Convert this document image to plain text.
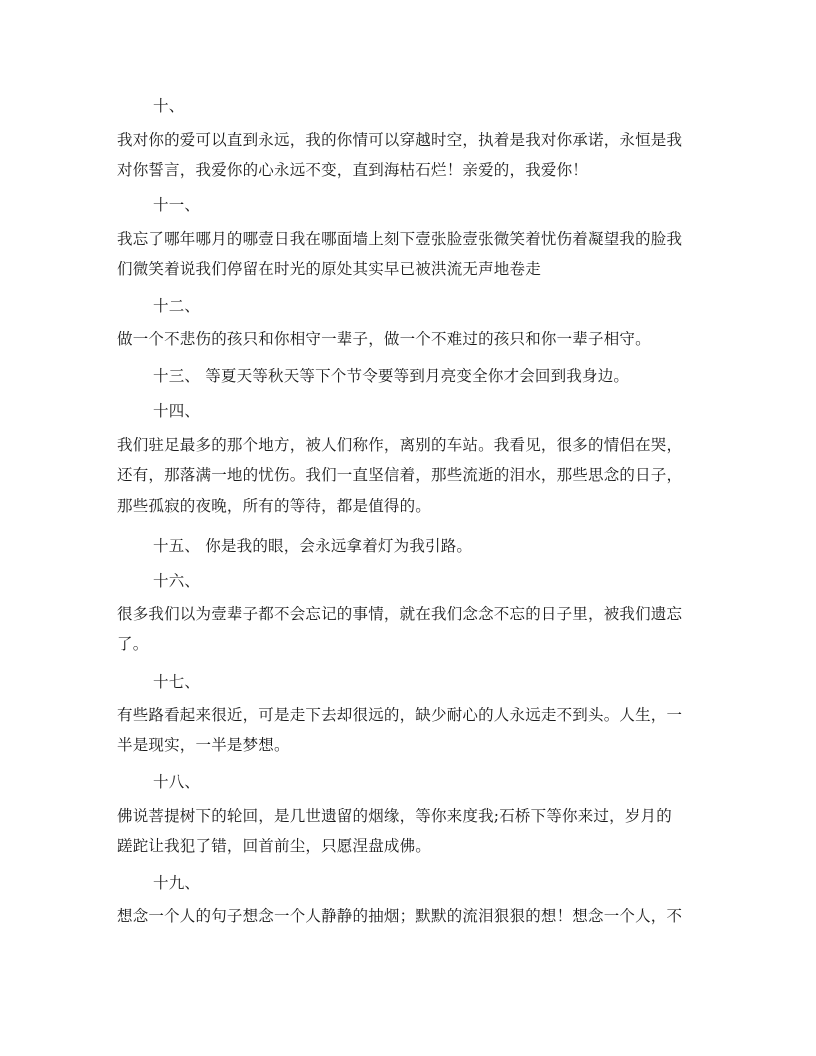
十、
我对你的爱可以直到永远，我的你情可以穿越时空，执着是我对你承诺，永恒是我
对你誓言，我爱你的心永远不变，直到海枯石烂！亲爱的，我爱你！
十一、
我忘了哪年哪月的哪壹日我在哪面墙上刻下壹张脸壹张微笑着忧伤着凝望我的脸我
们微笑着说我们停留在时光的原处其实早已被洪流无声地卷走
十二、
做一个不悲伤的孩只和你相守一辈子，做一个不难过的孩只和你一辈子相守。
十三、 等夏天等秋天等下个节令要等到月亮变全你才会回到我身边。
十四、
我们驻足最多的那个地方，被人们称作，离别的车站。我看见，很多的情侣在哭，
还有，那落满一地的忧伤。我们一直坚信着，那些流逝的泪水，那些思念的日子，
那些孤寂的夜晚，所有的等待，都是值得的。
十五、 你是我的眼，会永远拿着灯为我引路。
十六、
很多我们以为壹辈子都不会忘记的事情，就在我们念念不忘的日子里，被我们遗忘
了。
十七、
有些路看起来很近，可是走下去却很远的，缺少耐心的人永远走不到头。人生，一
半是现实，一半是梦想。
十八、
佛说菩提树下的轮回，是几世遗留的烟缘，等你来度我;石桥下等你来过，岁月的
蹉跎让我犯了错，回首前尘，只愿涅盘成佛。
十九、
想念一个人的句子想念一个人静静的抽烟；默默的流泪狠狠的想！想念一个人，不
